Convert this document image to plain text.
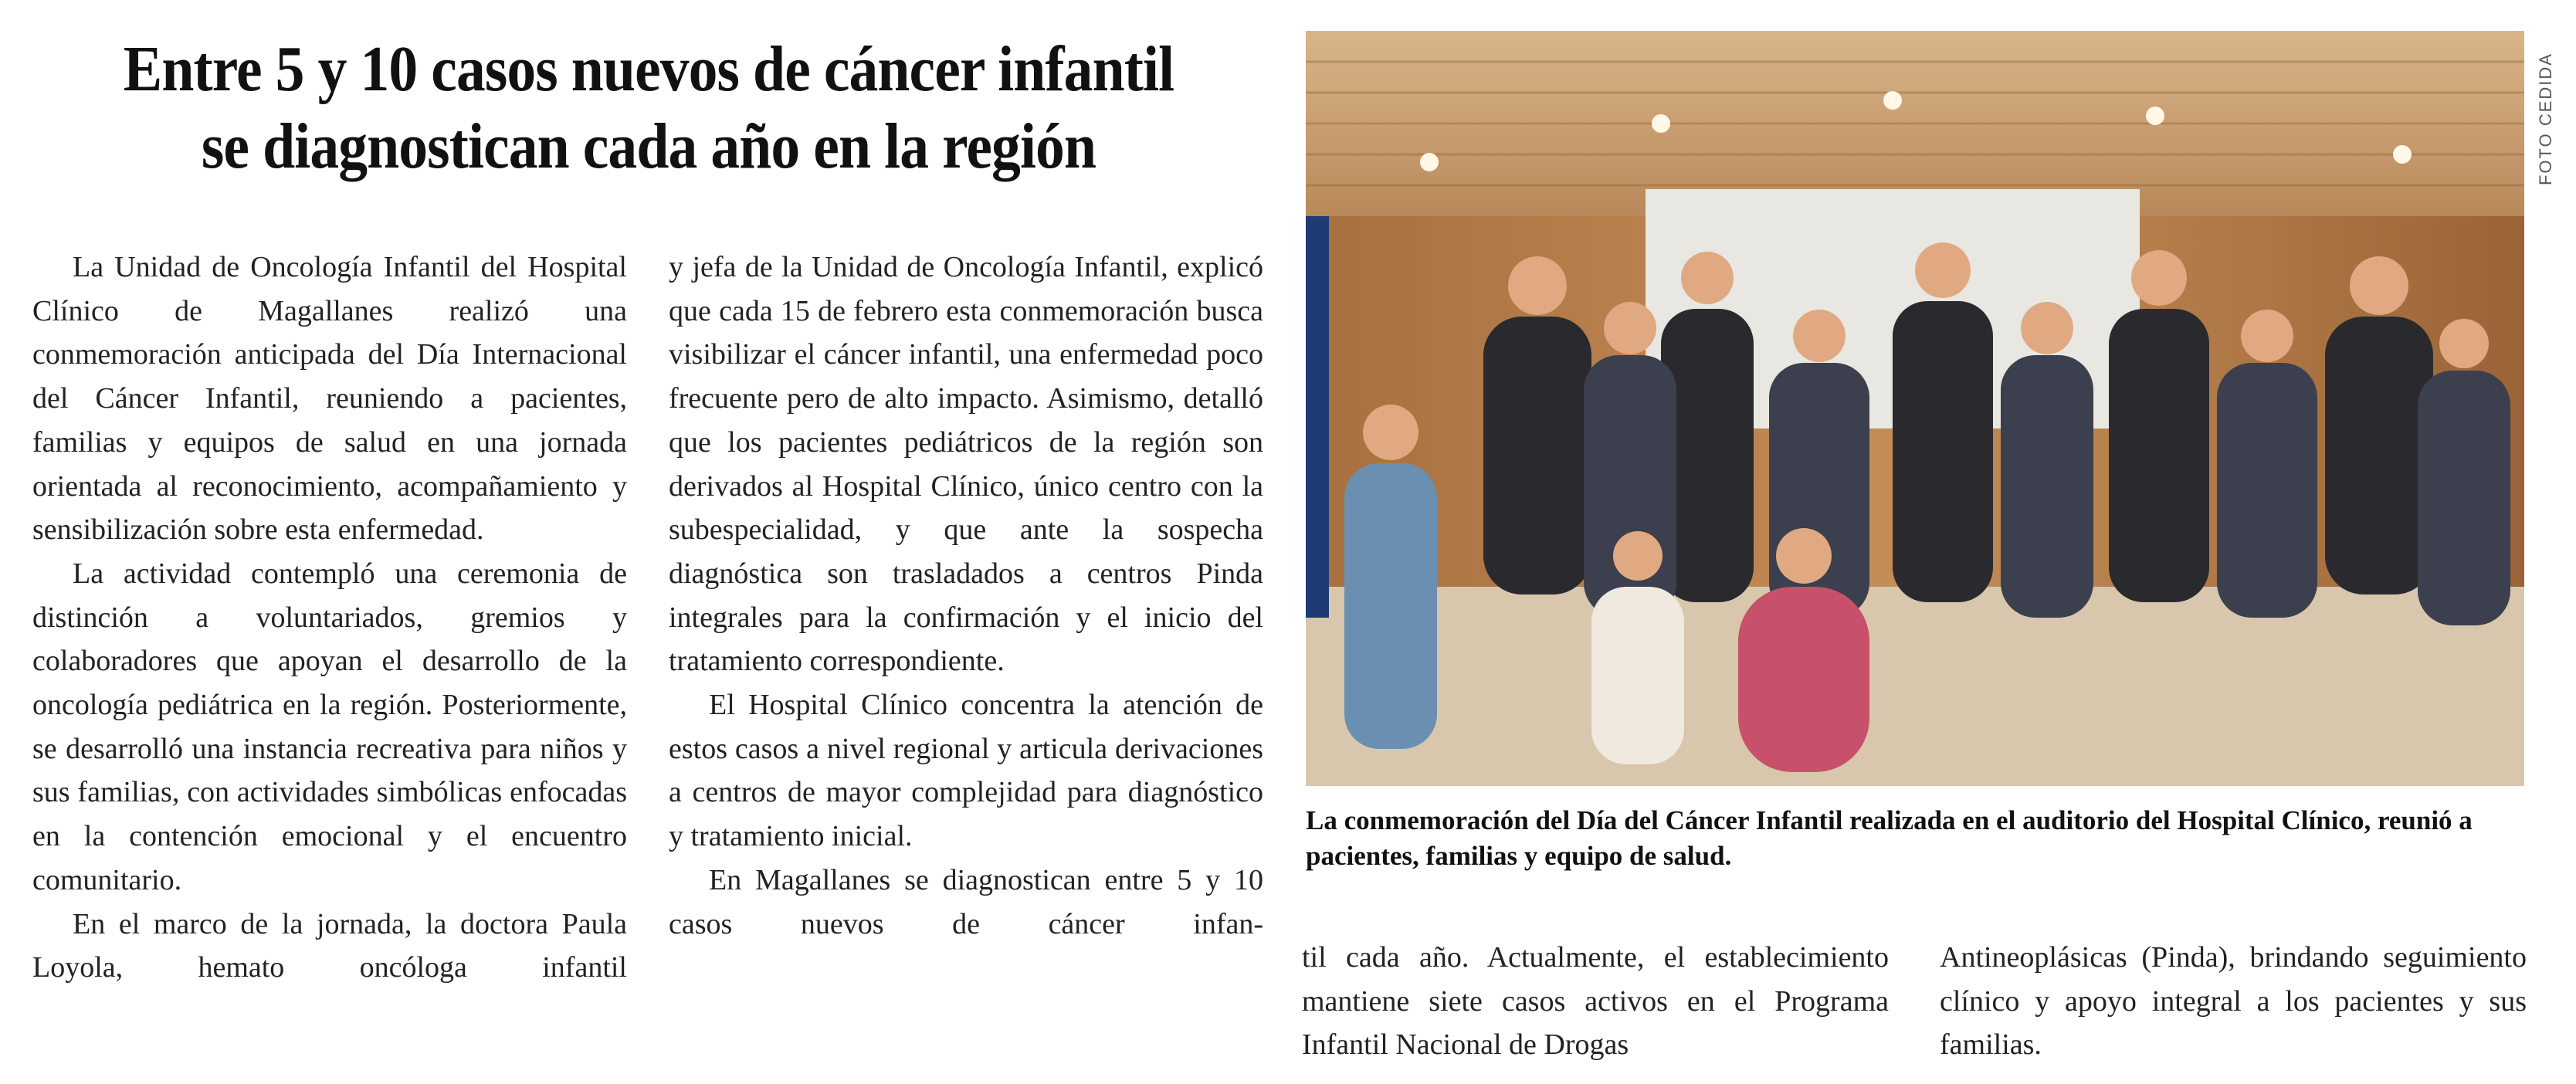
Entre 5 y 10 casos nuevos de cáncer infantil
se diagnostican cada año en la región

La Unidad de Oncología Infantil del Hospital Clínico de Magallanes realizó una conmemoración anticipada del Día Internacional del Cáncer Infantil, reuniendo a pacientes, familias y equipos de salud en una jornada orientada al reconocimiento, acompañamiento y sensibilización sobre esta enfermedad.

La actividad contempló una ceremonia de distinción a voluntariados, gremios y colaboradores que apoyan el desarrollo de la oncología pediátrica en la región. Posteriormente, se desarrolló una instancia recreativa para niños y sus familias, con actividades simbólicas enfocadas en la contención emocional y el encuentro comunitario.

En el marco de la jornada, la doctora Paula Loyola, hemato oncóloga infantil

y jefa de la Unidad de Oncología Infantil, explicó que cada 15 de febrero esta conmemoración busca visibilizar el cáncer infantil, una enfermedad poco frecuente pero de alto impacto. Asimismo, detalló que los pacientes pediátricos de la región son derivados al Hospital Clínico, único centro con la subespecialidad, y que ante la sospecha diagnóstica son trasladados a centros Pinda integrales para la confirmación y el inicio del tratamiento correspondiente.

El Hospital Clínico concentra la atención de estos casos a nivel regional y articula derivaciones a centros de mayor complejidad para diagnóstico y tratamiento inicial.

En Magallanes se diagnostican entre 5 y 10 casos nuevos de cáncer infan-

FOTO CEDIDA
La conmemoración del Día del Cáncer Infantil realizada en el auditorio del Hospital Clínico, reunió a pacientes, familias y equipo de salud.

til cada año. Actualmente, el establecimiento mantiene siete casos activos en el Programa Infantil Nacional de Drogas

Antineoplásicas (Pinda), brindando seguimiento clínico y apoyo integral a los pacientes y sus familias.
